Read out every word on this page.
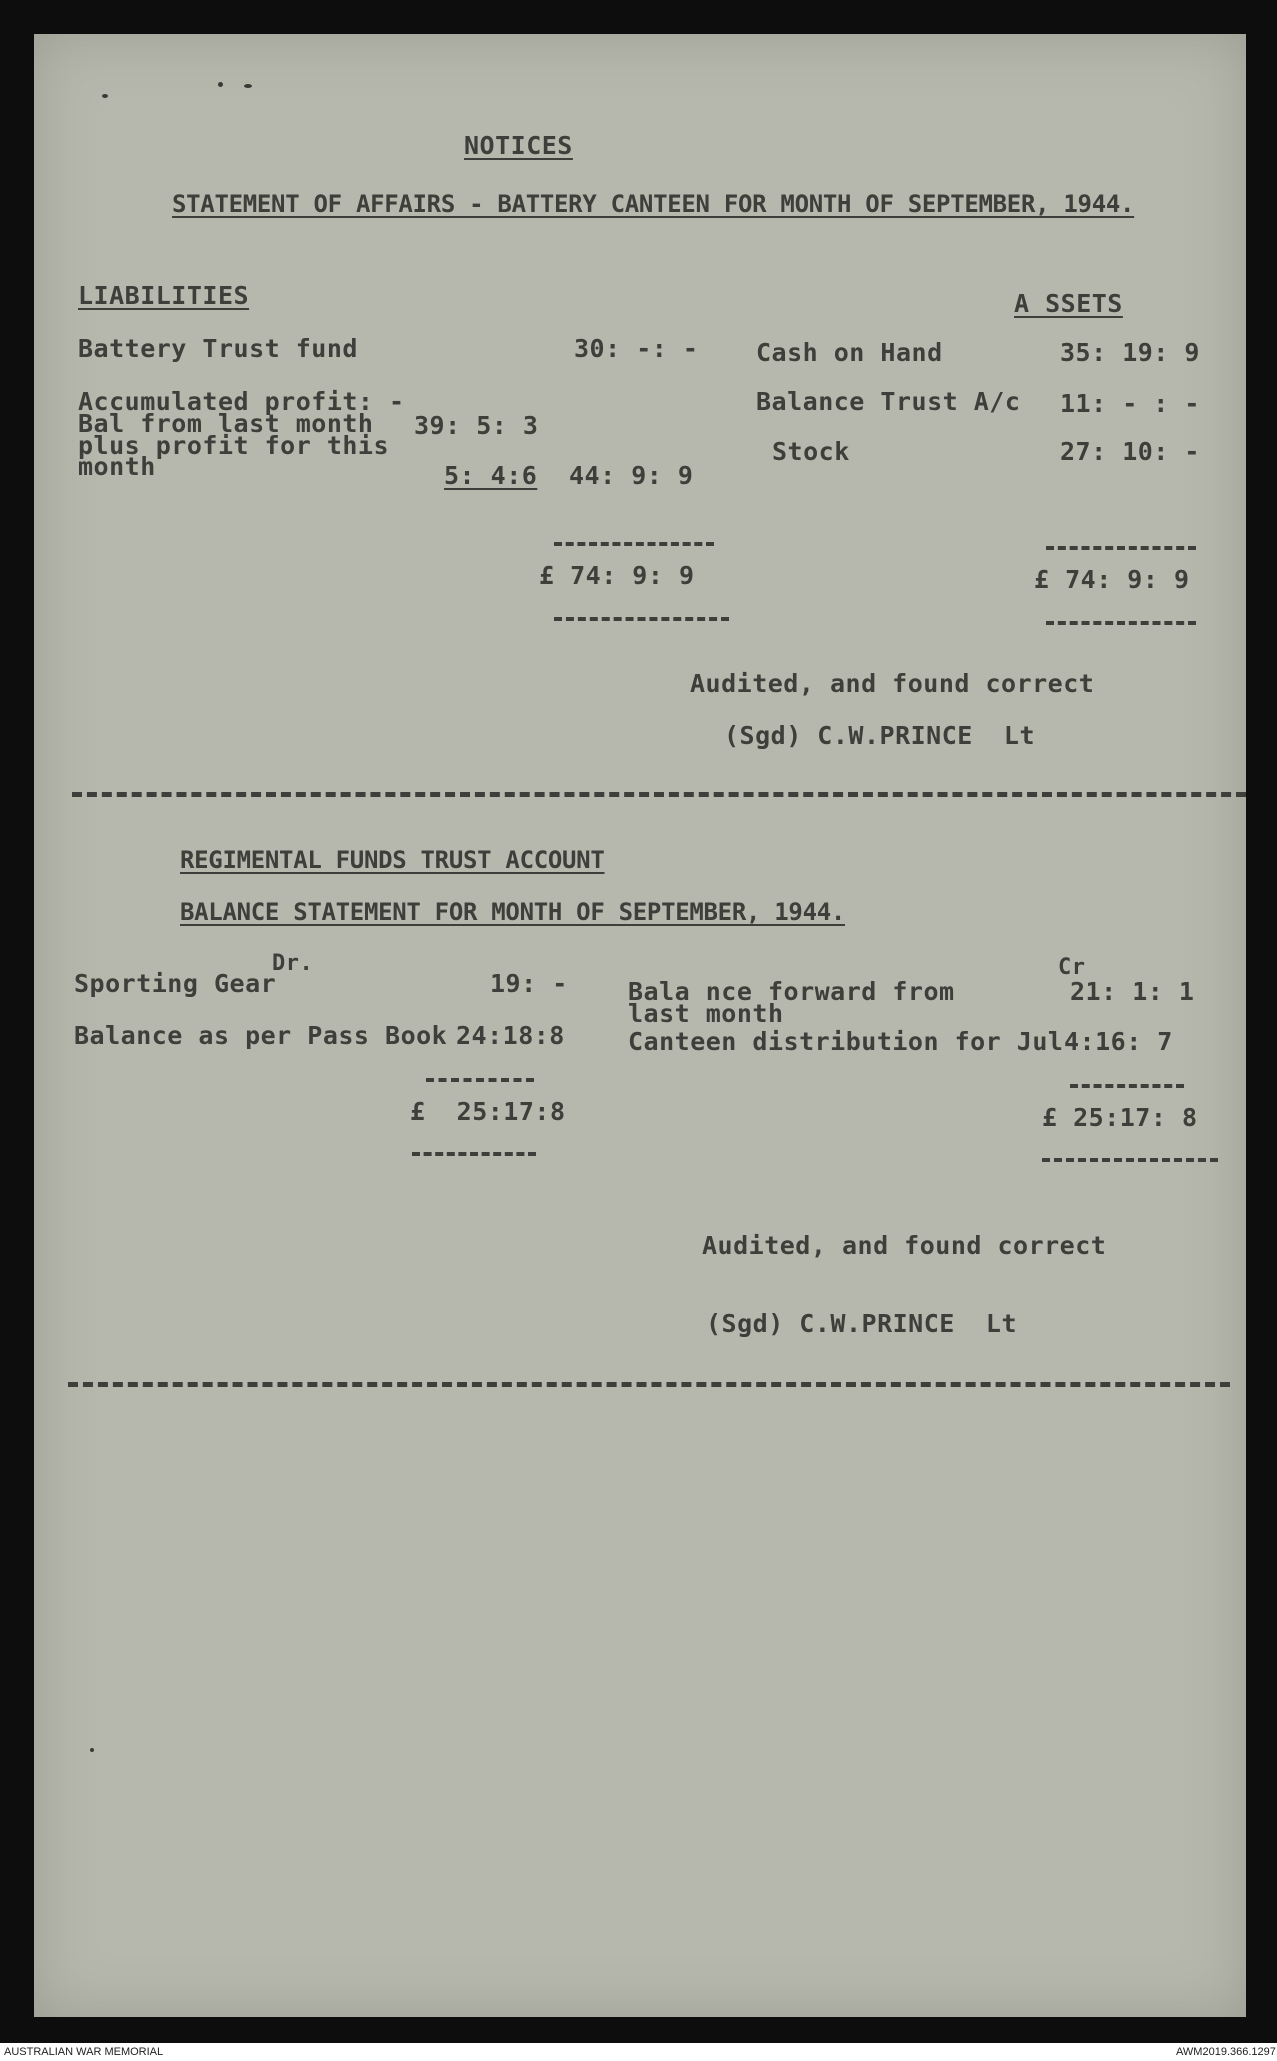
NOTICES
STATEMENT OF AFFAIRS - BATTERY CANTEEN FOR MONTH OF SEPTEMBER, 1944.
LIABILITIES
Battery Trust fund	30: -: -
Accumulated profit: -
Bal from last month 39: 5: 3
plus profit for this
month	5: 4:6 44: 9: 9
£ 74: 9: 9
A SSETS
Cash on Hand	35: 19: 9
Balance Trust A/c 11: - : -
Stock	27: 10: -
£ 74: 9: 9
Audited, and found correct
(Sgd) C.W.PRINCE  Lt
REGIMENTAL FUNDS TRUST ACCOUNT
BALANCE STATEMENT FOR MONTH OF SEPTEMBER, 1944.
Dr.
Sporting Gear	19: -
Balance as per Pass Book 24:18:8
£  25:17:8
Cr
Bala nce forward from
last month
21: 1: 1
Canteen distribution for Jul 4:16: 7
£ 25:17: 8
Audited, and found correct
(Sgd) C.W.PRINCE  Lt
AUSTRALIAN WAR MEMORIAL	AWM2019.366.1297
